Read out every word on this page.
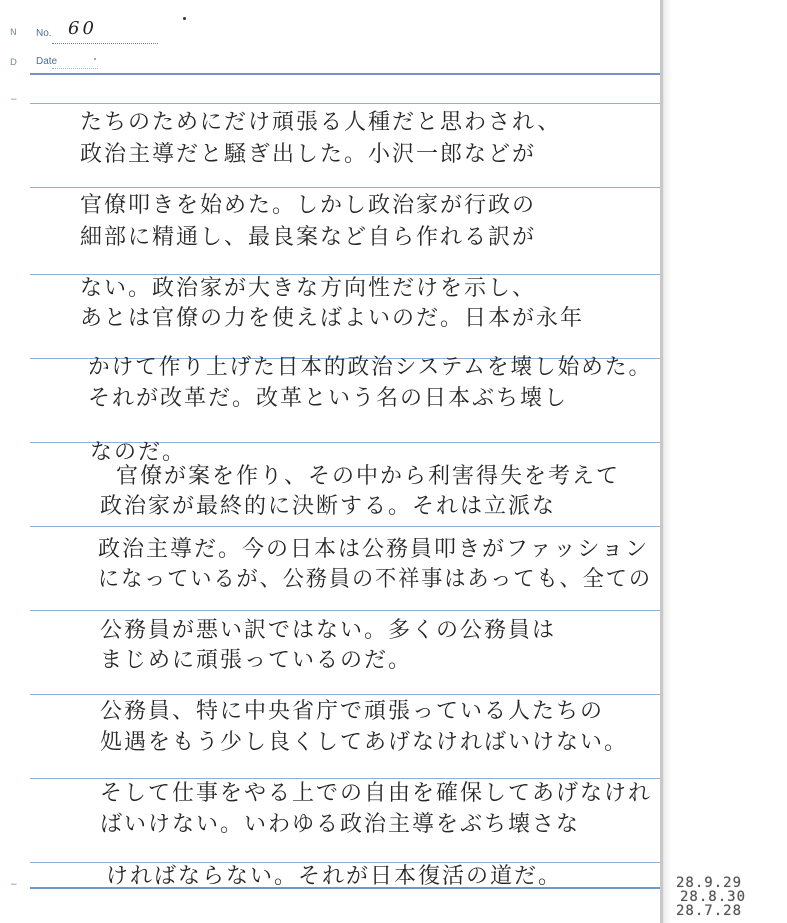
N
D
No. 60
Date
−
−
たちのためにだけ頑張る人種だと思わされ、
政治主導だと騒ぎ出した。小沢一郎などが
官僚叩きを始めた。しかし政治家が行政の
細部に精通し、最良案など自ら作れる訳が
ない。政治家が大きな方向性だけを示し、
あとは官僚の力を使えばよいのだ。日本が永年
かけて作り上げた日本的政治システムを壊し始めた。
それが改革だ。改革という名の日本ぶち壊し
なのだ。
官僚が案を作り、その中から利害得失を考えて
政治家が最終的に決断する。それは立派な
政治主導だ。今の日本は公務員叩きがファッション
になっているが、公務員の不祥事はあっても、全ての
公務員が悪い訳ではない。多くの公務員は
まじめに頑張っているのだ。
公務員、特に中央省庁で頑張っている人たちの
処遇をもう少し良くしてあげなければいけない。
そして仕事をやる上での自由を確保してあげなけれ
ばいけない。いわゆる政治主導をぶち壊さな
ければならない。それが日本復活の道だ。	28.9.29
28.8.30
28.7.28
